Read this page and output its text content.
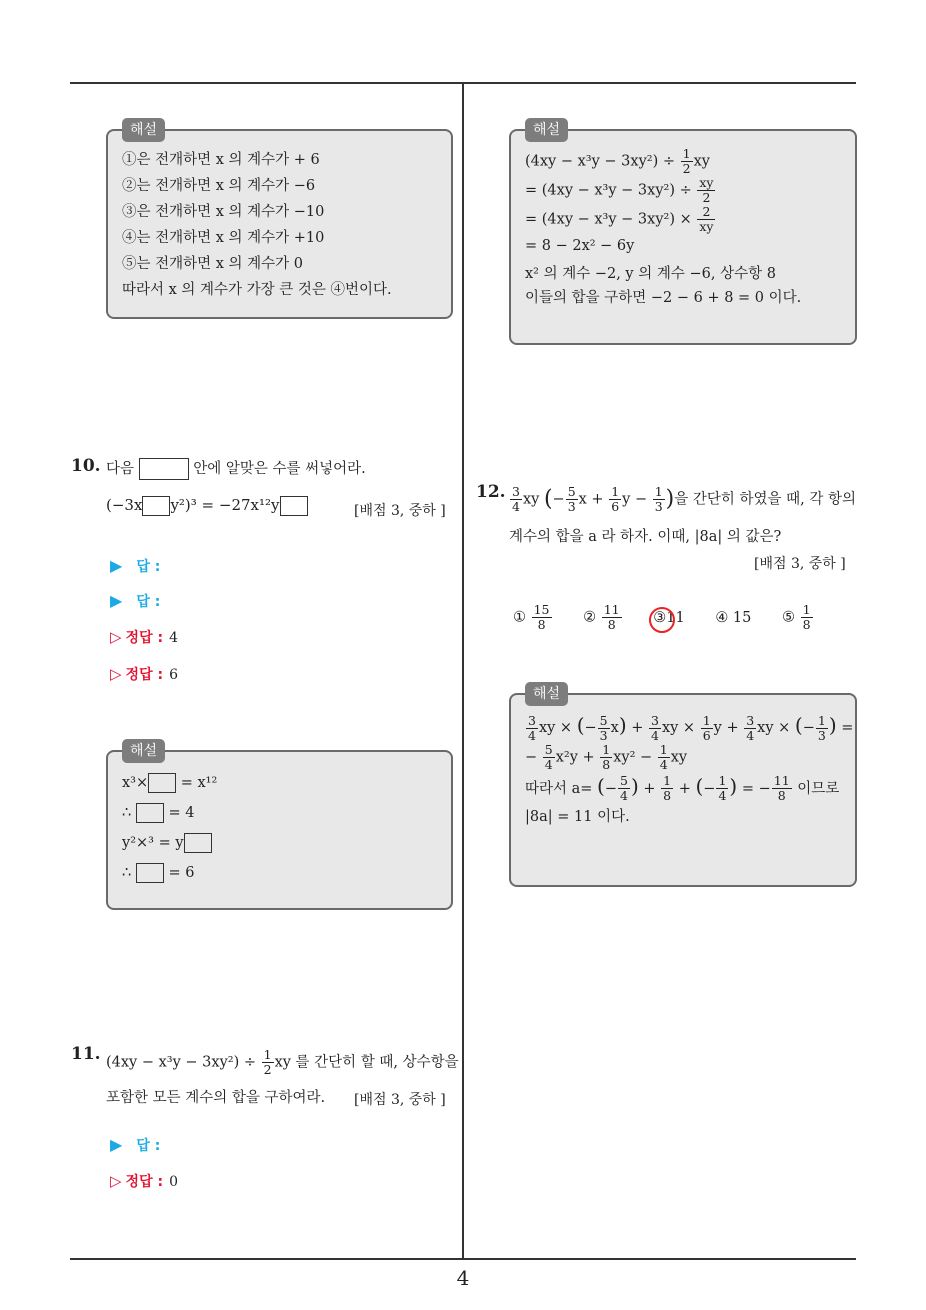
4
해설
①은 전개하면 x 의 계수가 + 6
②는 전개하면 x 의 계수가 −6
③은 전개하면 x 의 계수가 −10
④는 전개하면 x 의 계수가 +10
⑤는 전개하면 x 의 계수가 0
따라서 x 의 계수가 가장 큰 것은 ④번이다.
해설
$(4xy - x^3y - 3xy^2) \div \frac{1}{2}$ xy
= $(4xy - x^3y - 3xy^2) \div \frac{xy}{2}$
= $(4xy - x^3y - 3xy^2) \times \frac{2}{xy}$
= 8 − 2x² − 6y
x² 의 계수 −2, y 의 계수 −6, 상수항 8
이들의 합을 구하면 −2 − 6 + 8 = 0 이다.
10. 다음	안에 알맞은 수를 써넣어라.
(−3x y²)³ = −27x¹²y	[배점 3, 중하 ]
▶ 답 :
▶ 답 :
▷ 정답 : 4
▷ 정답 : 6
해설
x³× = x¹²
∴	= 4
y²×³ = y
∴	= 6
11. $(4xy - x^3y - 3xy^2) \div \frac{1}{2}$ xy 를 간단히 할 때, 상수항을
포함한 모든 계수의 합을 구하여라. [배점 3, 중하 ]
▶ 답 :
▷ 정답 : 0
12. $\frac{3}{4}$ xy (− $\frac{5}{3}$ $x + \frac{1}{6}$ $y - \frac{1}{3}$ )을 간단히 하였을 때, 각 항의
계수의 합을 a 라 하자. 이때, |8a| 의 값은?
[배점 3, 중하 ]
① $\frac{15}{8}$ ② $\frac{11}{8}$ ③11 ④ 15 ⑤ $\frac{1}{8}$
해설
$\frac{3}{4}$ xy × (− $\frac{5}{3} x) + \frac{3}{4}$ xy × $\frac{1}{6}$ $y + \frac{3}{4}$ xy × (− $\frac{1}{3}$ ) =
− $\frac{5}{4} x^2y + \frac{1}{8} xy^2 - \frac{1}{4}$ xy
따라서 a= (− $\frac{5}{4}$ ) + $\frac{1}{8}$ + (− $\frac{1}{4}$ ) = − $\frac{11}{8}$ 이므로
|8a| = 11 이다.
